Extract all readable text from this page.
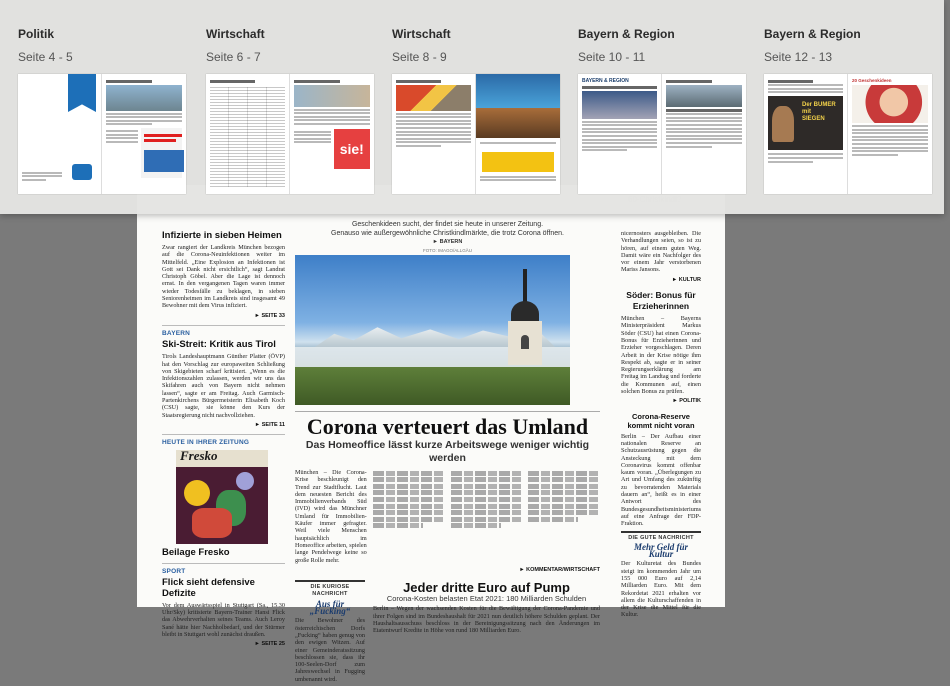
Infizierte in sieben Heimen

Zwar rangiert der Landkreis München bezogen auf die Corona-Neuinfektionen weiter im Mittelfeld. „Eine Explosion an Infektionen ist Gott sei Dank nicht ersichtlich“, sagt Landrat Christoph Göbel. Aber die Lage ist dennoch ernst. In den vergangenen Tagen waren immer wieder Todesfälle zu beklagen, in sieben Seniorenheimen im Landkreis sind insgesamt 49 Bewohner mit dem Virus infiziert.

► SEITE 33
BAYERN
Ski-Streit: Kritik aus Tirol

Tirols Landeshauptmann Günther Platter (ÖVP) hat den Vorschlag zur europaweiten Schließung von Skigebieten scharf kritisiert. „Wenn es die Infektionszahlen zulassen, werden wir uns das Skifahren auch von Bayern nicht nehmen lassen“, sagte er am Freitag. Auch Garmisch-Partenkirchens Bürgermeisterin Elisabeth Koch (CSU) sagte, sie könne den Kurs der Staatsregierung nicht nachvollziehen.

► SEITE 11
HEUTE IN IHRER ZEITUNG
Fresko
Beilage Fresko
SPORT
Flick sieht defensive Defizite

Vor dem Auswärtsspiel in Stuttgart (Sa., 15.30 Uhr/Sky) kritisierte Bayern-Trainer Hansi Flick das Abwehrverhalten seines Teams. Auch Leroy Sané hätte hier Nachholbedarf, und der Stürmer bleibt in Stuttgart wohl zunächst draußen.

► SEITE 25
Geschenkideen sucht, der findet sie heute in unserer Zeitung.
Genauso wie außergewöhnliche Christkindlmärkte, die trotz Corona öffnen.
► BAYERN
FOTO: IMAGO/ALLGÄU
Corona verteuert das Umland
Das Homeoffice lässt kurze Arbeitswege weniger wichtig werden

München – Die Corona-Krise beschleunigt den Trend zur Stadtflucht. Laut dem neuesten Bericht des Immobilienverbands Süd (IVD) wird das Münchner Umland für Immobilien-Käufer immer gefragter. Weil viele Menschen hauptsächlich im Homeoffice arbeiten, spielen lange Pendelwege keine so große Rolle mehr.

► KOMMENTAR/WIRTSCHAFT
DIE KURIOSE NACHRICHT
Aus für „Fucking“

Die Bewohner des österreichischen Dorfs „Fucking“ haben genug von den ewigen Witzen. Auf einer Gemeinderatssitzung beschlossen sie, dass ihr 100-Seelen-Dorf zum Jahreswechsel in Fugging umbenannt wird.

Jeder dritte Euro auf Pump
Corona-Kosten belasten Etat 2021: 180 Milliarden Schulden

Berlin – Wegen der wachsenden Kosten für die Bewältigung der Corona-Pandemie und ihrer Folgen sind im Bundeshaushalt für 2021 nun deutlich höhere Schulden geplant. Der Haushaltsausschuss beschloss in der Bereinigungssitzung nach den Änderungen im Etatentwurf Kredite in Höhe von rund 180 Milliarden Euro.

nicernosters ausgebleiben. Die Verhandlungen seien, so ist zu hören, auf einem guten Weg. Damit wäre ein Nachfolger des vor einem Jahr verstorbenen Mariss Jansons.

► KULTUR
Söder: Bonus für Erzieherinnen

München – Bayerns Ministerpräsident Markus Söder (CSU) hat einen Corona-Bonus für Erzieherinnen und Erzieher vorgeschlagen. Deren Arbeit in der Krise nötige ihm Respekt ab, sagte er in seiner Regierungserklärung am Freitag im Landtag und forderte die Kommunen auf, einen solchen Bonus zu prüfen.

► POLITIK
Corona-Reserve kommt nicht voran

Berlin – Der Aufbau einer nationalen Reserve an Schutzausrüstung gegen die Ansteckung mit dem Coronavirus kommt offenbar kaum voran. „Überlegungen zu Art und Umfang des zukünftig zu bevorratenden Materials dauern an“, heißt es in einer Antwort des Bundesgesundheitsministeriums auf eine Anfrage der FDP-Fraktion.

DIE GUTE NACHRICHT
Mehr Geld für Kultur

Der Kulturetat des Bundes steigt im kommenden Jahr um 155 000 Euro auf 2,14 Milliarden Euro. Mit dem Rekordetat 2021 erhalten vor allem die Kulturschaffenden in der Krise die Mittel für die Kultur.

Politik
Seite 4 - 5
Wirtschaft
Seite 6 - 7
sie!
Wirtschaft
Seite 8 - 9
Bayern & Region
Seite 10 - 11
BAYERN & REGION
Bayern & Region
Seite 12 - 13
Der BUMER
mit
SIEGEN
20 Geschenkideen
